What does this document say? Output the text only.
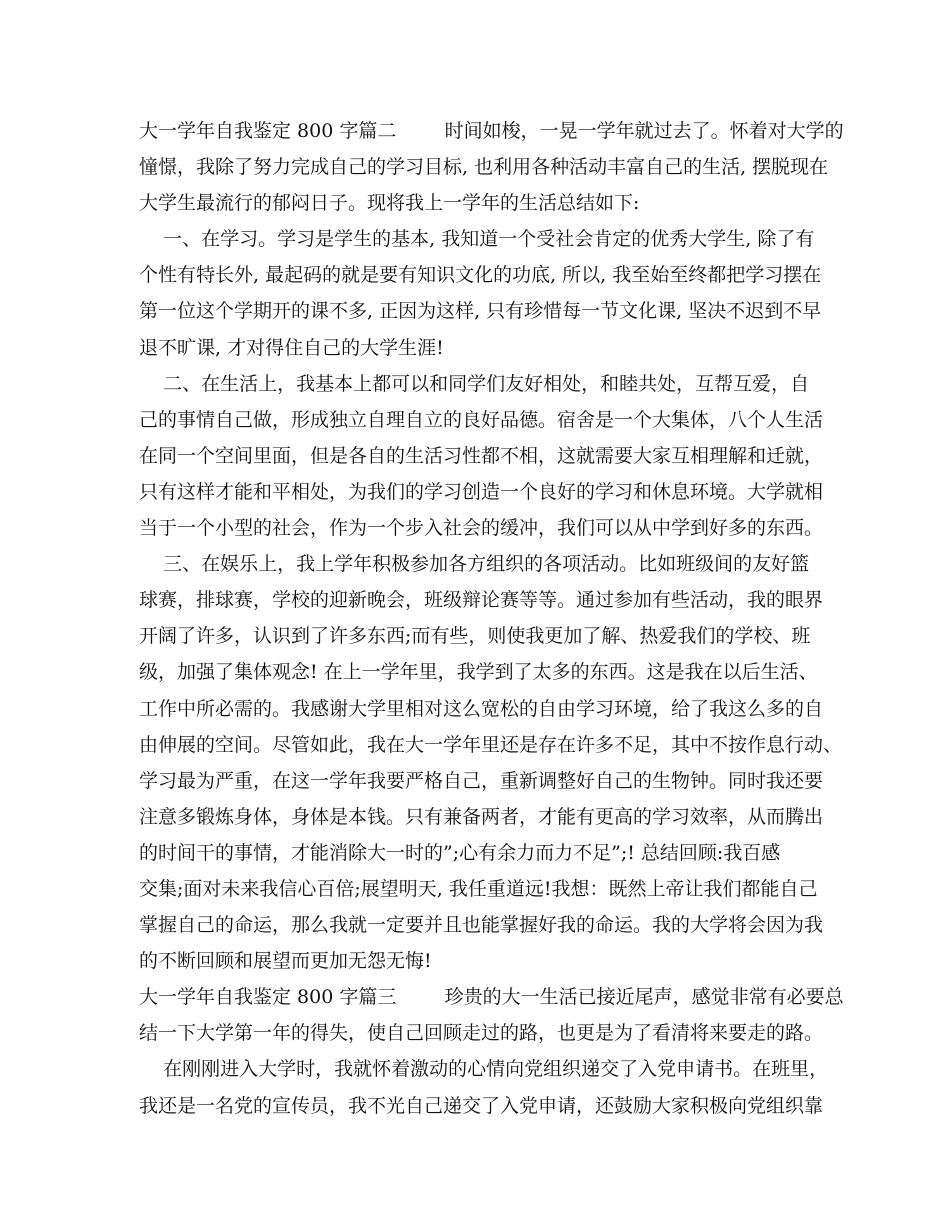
大一学年自我鉴定 800 字篇二        时间如梭，一晃一学年就过去了。怀着对大学的
憧憬，我除了努力完成自己的学习目标, 也利用各种活动丰富自己的生活, 摆脱现在
大学生最流行的郁闷日子。现将我上一学年的生活总结如下:
一、在学习。学习是学生的基本, 我知道一个受社会肯定的优秀大学生, 除了有
个性有特长外, 最起码的就是要有知识文化的功底, 所以, 我至始至终都把学习摆在
第一位这个学期开的课不多, 正因为这样, 只有珍惜每一节文化课, 坚决不迟到不早
退不旷课, 才对得住自己的大学生涯!
二、在生活上，我基本上都可以和同学们友好相处，和睦共处，互帮互爱，自
己的事情自己做，形成独立自理自立的良好品德。宿舍是一个大集体，八个人生活
在同一个空间里面，但是各自的生活习性都不相，这就需要大家互相理解和迁就，
只有这样才能和平相处，为我们的学习创造一个良好的学习和休息环境。大学就相
当于一个小型的社会，作为一个步入社会的缓冲，我们可以从中学到好多的东西。
三、在娱乐上，我上学年积极参加各方组织的各项活动。比如班级间的友好篮
球赛，排球赛，学校的迎新晚会，班级辩论赛等等。通过参加有些活动，我的眼界
开阔了许多，认识到了许多东西;而有些，则使我更加了解、热爱我们的学校、班
级，加强了集体观念! 在上一学年里，我学到了太多的东西。这是我在以后生活、
工作中所必需的。我感谢大学里相对这么宽松的自由学习环境，给了我这么多的自
由伸展的空间。尽管如此，我在大一学年里还是存在许多不足，其中不按作息行动、
学习最为严重，在这一学年我要严格自己，重新调整好自己的生物钟。同时我还要
注意多锻炼身体，身体是本钱。只有兼备两者，才能有更高的学习效率，从而腾出
的时间干的事情，才能消除大一时的”;心有余力而力不足”;! 总结回顾:我百感
交集;面对未来我信心百倍;展望明天, 我任重道远!我想：既然上帝让我们都能自己
掌握自己的命运，那么我就一定要并且也能掌握好我的命运。我的大学将会因为我
的不断回顾和展望而更加无怨无悔!
大一学年自我鉴定 800 字篇三        珍贵的大一生活已接近尾声，感觉非常有必要总
结一下大学第一年的得失，使自己回顾走过的路，也更是为了看清将来要走的路。
在刚刚进入大学时，我就怀着激动的心情向党组织递交了入党申请书。在班里，
我还是一名党的宣传员，我不光自己递交了入党申请，还鼓励大家积极向党组织靠
